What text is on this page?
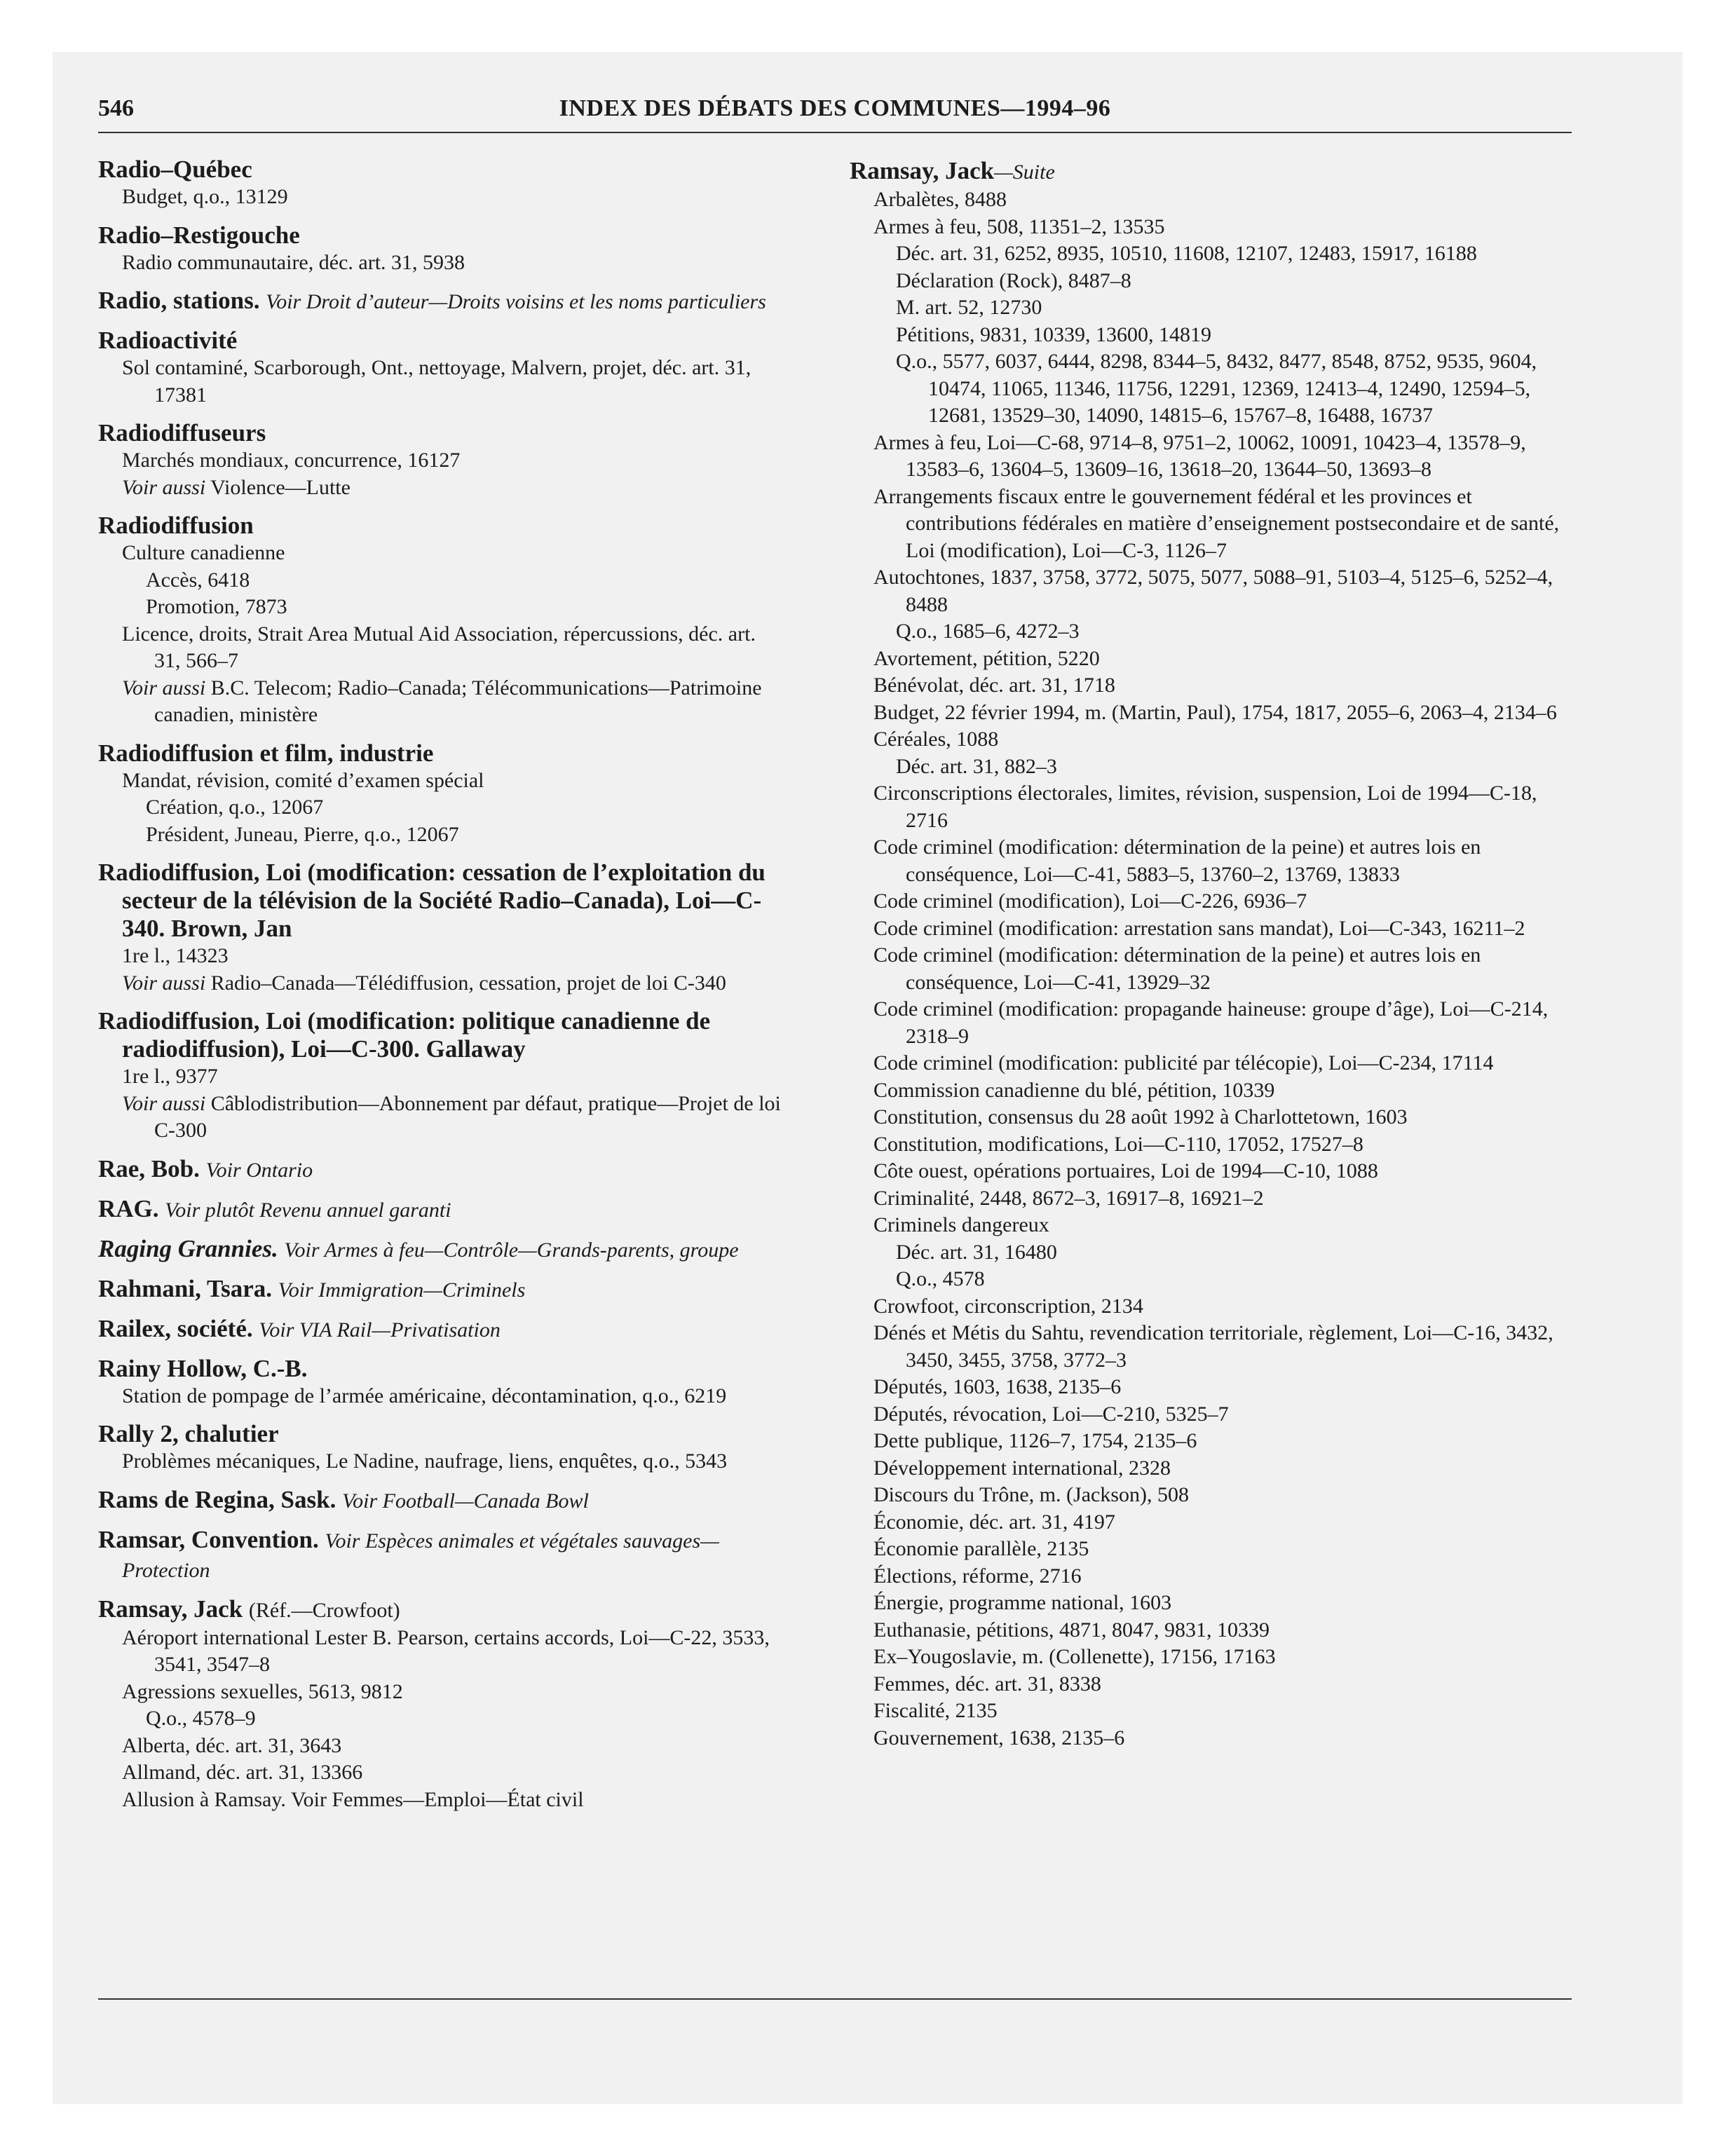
546	INDEX DES DÉBATS DES COMMUNES—1994–96
Radio–Québec
Budget, q.o., 13129
Radio–Restigouche
Radio communautaire, déc. art. 31, 5938
Radio, stations. Voir Droit d’auteur—Droits voisins et les noms particuliers
Radioactivité
Sol contaminé, Scarborough, Ont., nettoyage, Malvern, projet, déc. art. 31, 17381
Radiodiffuseurs
Marchés mondiaux, concurrence, 16127
Voir aussi Violence—Lutte
Radiodiffusion
Culture canadienne
Accès, 6418
Promotion, 7873
Licence, droits, Strait Area Mutual Aid Association, répercussions, déc. art. 31, 566–7
Voir aussi B.C. Telecom; Radio–Canada; Télécommunications—Patrimoine canadien, ministère
Radiodiffusion et film, industrie
Mandat, révision, comité d’examen spécial
Création, q.o., 12067
Président, Juneau, Pierre, q.o., 12067
Radiodiffusion, Loi (modification: cessation de l’exploitation du secteur de la télévision de la Société Radio–Canada), Loi—C-340. Brown, Jan
1re l., 14323
Voir aussi Radio–Canada—Télédiffusion, cessation, projet de loi C-340
Radiodiffusion, Loi (modification: politique canadienne de radiodiffusion), Loi—C-300. Gallaway
1re l., 9377
Voir aussi Câblodistribution—Abonnement par défaut, pratique—Projet de loi C-300
Rae, Bob. Voir Ontario
RAG. Voir plutôt Revenu annuel garanti
Raging Grannies. Voir Armes à feu—Contrôle—Grands-parents, groupe
Rahmani, Tsara. Voir Immigration—Criminels
Railex, société. Voir VIA Rail—Privatisation
Rainy Hollow, C.-B.
Station de pompage de l’armée américaine, décontamination, q.o., 6219
Rally 2, chalutier
Problèmes mécaniques, Le Nadine, naufrage, liens, enquêtes, q.o., 5343
Rams de Regina, Sask. Voir Football—Canada Bowl
Ramsar, Convention. Voir Espèces animales et végétales sauvages—Protection
Ramsay, Jack (Réf.—Crowfoot)
Aéroport international Lester B. Pearson, certains accords, Loi—C-22, 3533, 3541, 3547–8
Agressions sexuelles, 5613, 9812
Q.o., 4578–9
Alberta, déc. art. 31, 3643
Allmand, déc. art. 31, 13366
Allusion à Ramsay. Voir Femmes—Emploi—État civil
Ramsay, Jack—Suite
Arbalètes, 8488
Armes à feu, 508, 11351–2, 13535
Déc. art. 31, 6252, 8935, 10510, 11608, 12107, 12483, 15917, 16188
Déclaration (Rock), 8487–8
M. art. 52, 12730
Pétitions, 9831, 10339, 13600, 14819
Q.o., 5577, 6037, 6444, 8298, 8344–5, 8432, 8477, 8548, 8752, 9535, 9604, 10474, 11065, 11346, 11756, 12291, 12369, 12413–4, 12490, 12594–5, 12681, 13529–30, 14090, 14815–6, 15767–8, 16488, 16737
Armes à feu, Loi—C-68, 9714–8, 9751–2, 10062, 10091, 10423–4, 13578–9, 13583–6, 13604–5, 13609–16, 13618–20, 13644–50, 13693–8
Arrangements fiscaux entre le gouvernement fédéral et les provinces et contributions fédérales en matière d’enseignement postsecondaire et de santé, Loi (modification), Loi—C-3, 1126–7
Autochtones, 1837, 3758, 3772, 5075, 5077, 5088–91, 5103–4, 5125–6, 5252–4, 8488
Q.o., 1685–6, 4272–3
Avortement, pétition, 5220
Bénévolat, déc. art. 31, 1718
Budget, 22 février 1994, m. (Martin, Paul), 1754, 1817, 2055–6, 2063–4, 2134–6
Céréales, 1088
Déc. art. 31, 882–3
Circonscriptions électorales, limites, révision, suspension, Loi de 1994—C-18, 2716
Code criminel (modification: détermination de la peine) et autres lois en conséquence, Loi—C-41, 5883–5, 13760–2, 13769, 13833
Code criminel (modification), Loi—C-226, 6936–7
Code criminel (modification: arrestation sans mandat), Loi—C-343, 16211–2
Code criminel (modification: détermination de la peine) et autres lois en conséquence, Loi—C-41, 13929–32
Code criminel (modification: propagande haineuse: groupe d’âge), Loi—C-214, 2318–9
Code criminel (modification: publicité par télécopie), Loi—C-234, 17114
Commission canadienne du blé, pétition, 10339
Constitution, consensus du 28 août 1992 à Charlottetown, 1603
Constitution, modifications, Loi—C-110, 17052, 17527–8
Côte ouest, opérations portuaires, Loi de 1994—C-10, 1088
Criminalité, 2448, 8672–3, 16917–8, 16921–2
Criminels dangereux
Déc. art. 31, 16480
Q.o., 4578
Crowfoot, circonscription, 2134
Dénés et Métis du Sahtu, revendication territoriale, règlement, Loi—C-16, 3432, 3450, 3455, 3758, 3772–3
Députés, 1603, 1638, 2135–6
Députés, révocation, Loi—C-210, 5325–7
Dette publique, 1126–7, 1754, 2135–6
Développement international, 2328
Discours du Trône, m. (Jackson), 508
Économie, déc. art. 31, 4197
Économie parallèle, 2135
Élections, réforme, 2716
Énergie, programme national, 1603
Euthanasie, pétitions, 4871, 8047, 9831, 10339
Ex–Yougoslavie, m. (Collenette), 17156, 17163
Femmes, déc. art. 31, 8338
Fiscalité, 2135
Gouvernement, 1638, 2135–6
